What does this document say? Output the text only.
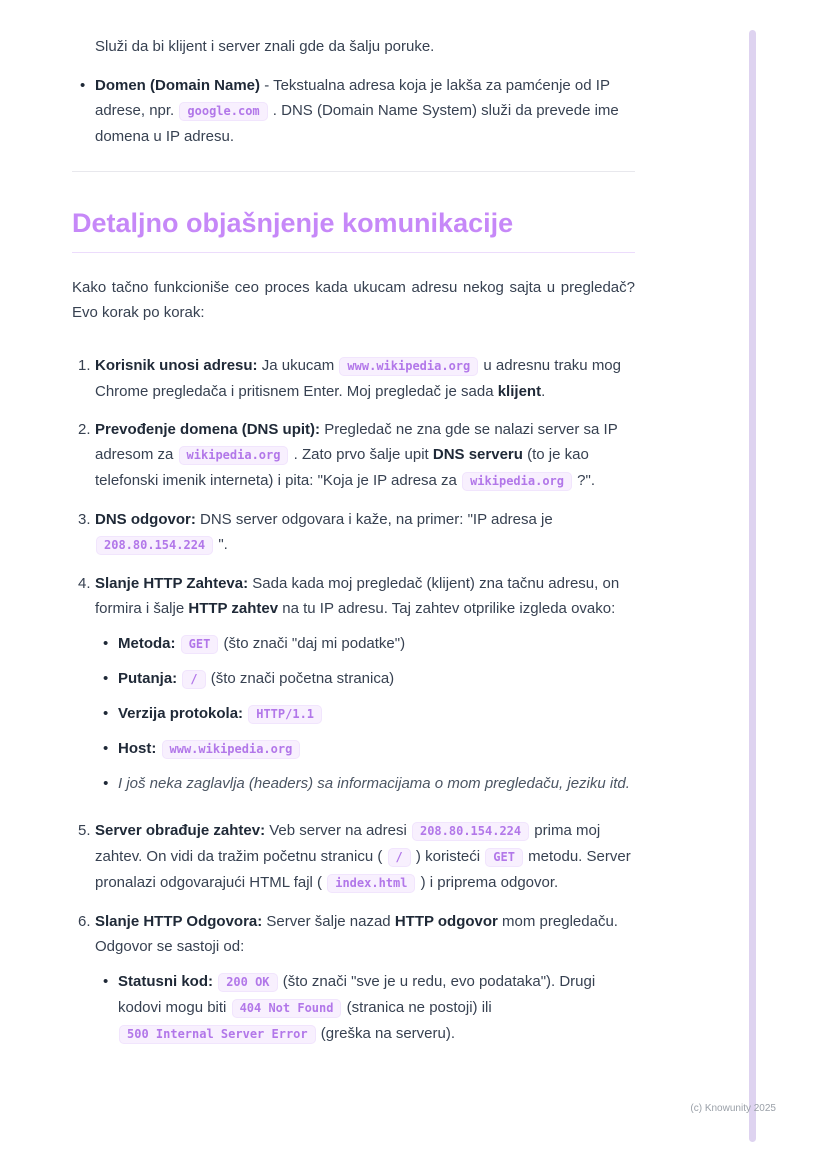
Služi da bi klijent i server znali gde da šalju poruke.

• Domen (Domain Name) - Tekstualna adresa koja je lakša za pamćenje od IP adrese, npr. google.com . DNS (Domain Name System) služi da prevede ime domena u IP adresu.
Detaljno objašnjenje komunikacije

Kako tačno funkcioniše ceo proces kada ukucam adresu nekog sajta u pregledač? Evo korak po korak:

1. Korisnik unosi adresu: Ja ukucam www.wikipedia.org u adresnu traku mog Chrome pregledača i pritisnem Enter. Moj pregledač je sada klijent.
2. Prevođenje domena (DNS upit): Pregledač ne zna gde se nalazi server sa IP adresom za wikipedia.org . Zato prvo šalje upit DNS serveru (to je kao telefonski imenik interneta) i pita: "Koja je IP adresa za wikipedia.org ?".
3. DNS odgovor: DNS server odgovara i kaže, na primer: "IP adresa je 208.80.154.224 ".
4. Slanje HTTP Zahteva: Sada kada moj pregledač (klijent) zna tačnu adresu, on formira i šalje HTTP zahtev na tu IP adresu. Taj zahtev otprilike izgleda ovako:
• Metoda: GET (što znači "daj mi podatke")
• Putanja: / (što znači početna stranica)
• Verzija protokola: HTTP/1.1
• Host: www.wikipedia.org
• I još neka zaglavlja (headers) sa informacijama o mom pregledaču, jeziku itd.
5. Server obrađuje zahtev: Veb server na adresi 208.80.154.224 prima moj zahtev. On vidi da tražim početnu stranicu ( / ) koristeći GET metodu. Server pronalazi odgovarajući HTML fajl ( index.html ) i priprema odgovor.
6. Slanje HTTP Odgovora: Server šalje nazad HTTP odgovor mom pregledaču. Odgovor se sastoji od:
• Statusni kod: 200 OK (što znači "sve je u redu, evo podataka"). Drugi kodovi mogu biti 404 Not Found (stranica ne postoji) ili 500 Internal Server Error (greška na serveru).
(c) Knowunity 2025
